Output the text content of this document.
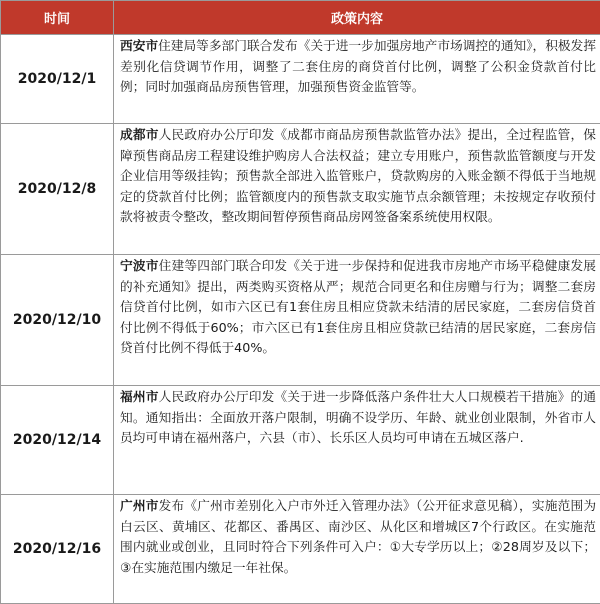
时间	政策内容
2020/12/1	西安市住建局等多部门联合发布《关于进一步加强房地产市场调控的通知》，积极发挥差别化信贷调节作用，调整了二套住房的商贷首付比例，调整了公积金贷款首付比例；同时加强商品房预售管理，加强预售资金监管等。
2020/12/8	成都市人民政府办公厅印发《成都市商品房预售款监管办法》提出，全过程监管，保障预售商品房工程建设维护购房人合法权益；建立专用账户，预售款监管额度与开发企业信用等级挂钩；预售款全部进入监管账户，贷款购房的入账金额不得低于当地规定的贷款首付比例；监管额度内的预售款支取实施节点余额管理；未按规定存收预付款将被责令整改，整改期间暂停预售商品房网签备案系统使用权限。
2020/12/10	宁波市住建等四部门联合印发《关于进一步保持和促进我市房地产市场平稳健康发展的补充通知》提出，两类购买资格从严；规范合同更名和住房赠与行为；调整二套房信贷首付比例，如市六区已有1套住房且相应贷款未结清的居民家庭，二套房信贷首付比例不得低于60%；市六区已有1套住房且相应贷款已结清的居民家庭，二套房信贷首付比例不得低于40%。
2020/12/14	福州市人民政府办公厅印发《关于进一步降低落户条件壮大人口规模若干措施》的通知。通知指出：全面放开落户限制，明确不设学历、年龄、就业创业限制，外省市人员均可申请在福州落户，六县（市）、长乐区人员均可申请在五城区落户.
2020/12/16	广州市发布《广州市差别化入户市外迁入管理办法》（公开征求意见稿），实施范围为白云区、黄埔区、花都区、番禺区、南沙区、从化区和增城区7个行政区。在实施范围内就业或创业，且同时符合下列条件可入户：①大专学历以上；②28周岁及以下；③在实施范围内缴足一年社保。
